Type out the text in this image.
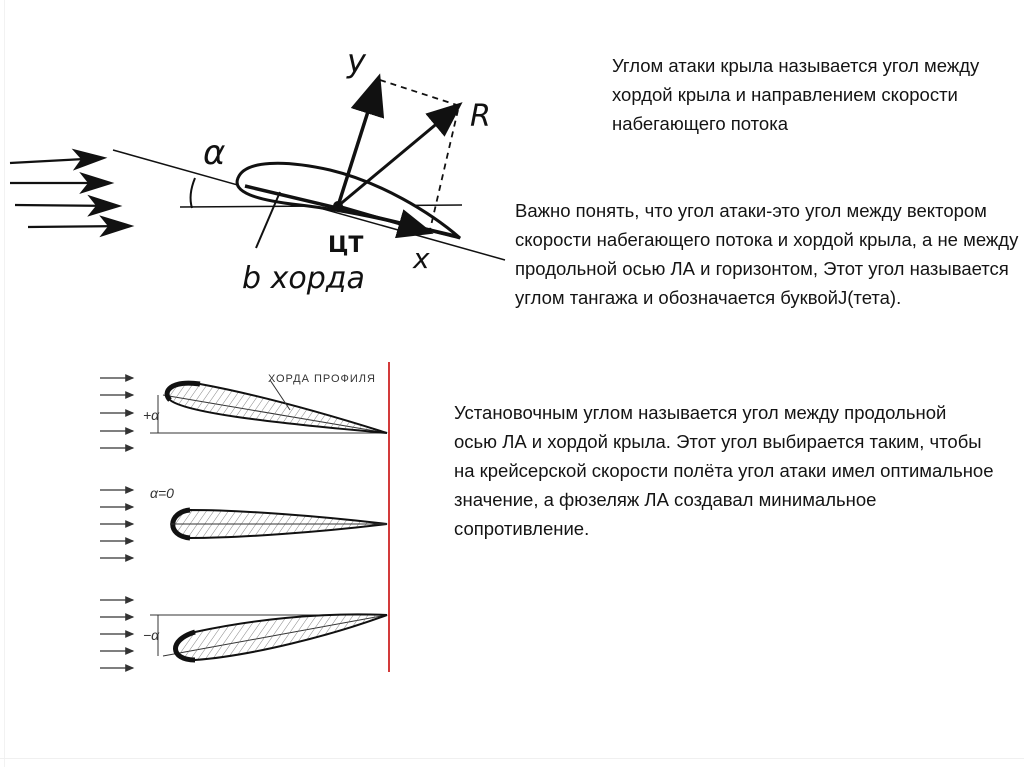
у
R
α
ЦТ х
b хорда
+α
ХОРДА ПРОФИЛЯ
α=0
−α

Углом атаки крыла называется угол между хордой крыла и направлением скорости набегающего потока

Важно понять, что угол атаки-это угол между вектором скорости набегающего потока и хордой крыла, а не между продольной осью ЛА и горизонтом, Этот угол называется углом тангажа и обозначается буквойJ(тета).

Установочным углом называется угол между продольной осью ЛА и хордой крыла. Этот угол выбирается таким, чтобы на крейсерской скорости полёта угол атаки имел оптимальное значение, а фюзеляж ЛА создавал минимальное сопротивление.
